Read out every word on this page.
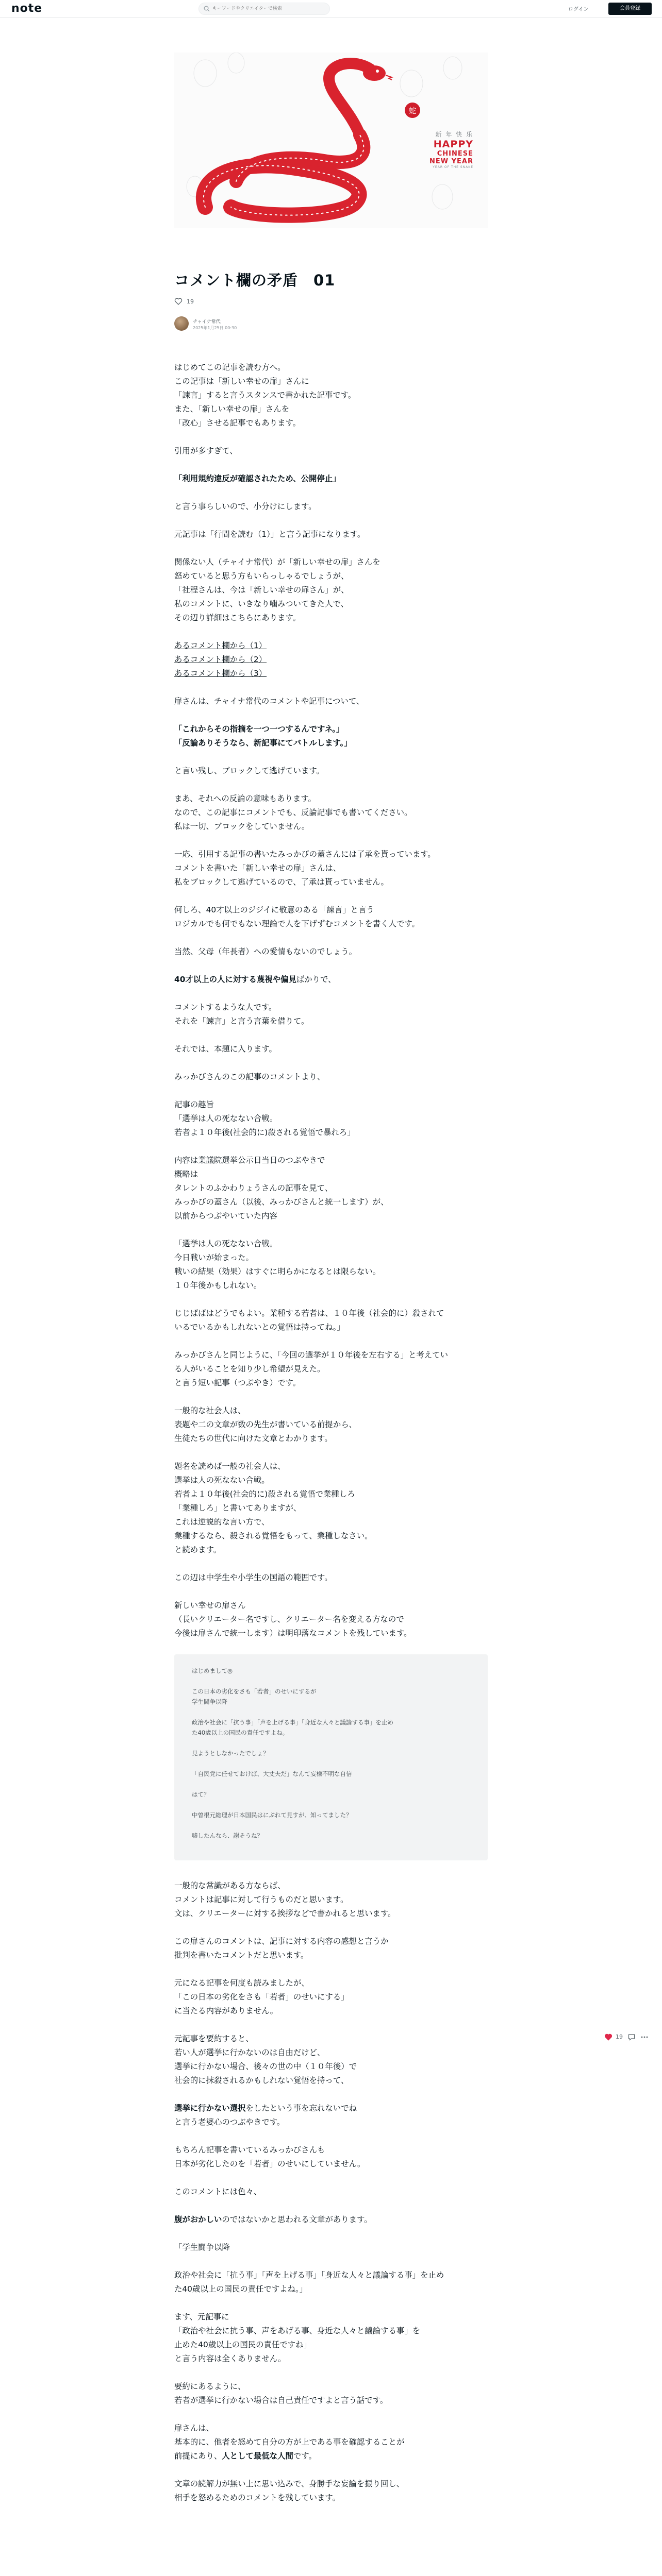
note
キーワードやクリエイターで検索	ログイン	会員登録
蛇
新 年 快 乐
HAPPY
CHINESE
NEW YEAR
YEAR OF THE SNAKE
コメント欄の矛盾　01
19
チャイナ常代
2025年1月25日 00:30
はじめてこの記事を読む方へ。
この記事は「新しい幸せの扉」さんに
「諫言」すると言うスタンスで書かれた記事です。
また、「新しい幸せの扉」さんを
「改心」させる記事でもあります。
引用が多すぎて、
「利用規約違反が確認されたため、公開停止」
と言う事らしいので、小分けにします。
元記事は「行間を読む（1）」と言う記事になります。
関係ない人（チャイナ常代）が「新しい幸せの扉」さんを
怒めていると思う方もいらっしゃるでしょうが、
「社程さんは、今は「新しい幸せの扉さん」が、
私のコメントに、いきなり噛みついてきた人で、
その辺り詳細はこちらにあります。
あるコメント欄から（1）
あるコメント欄から（2）
あるコメント欄から（3）
扉さんは、チャイナ常代のコメントや記事について、
「これからその指摘を一つ一つするんですネ。」
「反論ありそうなら、新記事にてバトルします。」
と言い残し、ブロックして逃げています。
まあ、それへの反論の意味もあります。
なので、この記事にコメントでも、反論記事でも書いてください。
私は一切、ブロックをしていません。
一応、引用する記事の書いたみっかびの蓋さんには了承を貰っています。
コメントを書いた「新しい幸せの扉」さんは、
私をブロックして逃げているので、了承は貰っていません。
何しろ、40才以上のジジイに敬意のある「諫言」と言う
ロジカルでも何でもない理論で人を下げずむコメントを書く人です。
当然、父母（年長者）への愛情もないのでしょう。
40才以上の人に対する蔑視や偏見ばかりで、
コメントするような人です。
それを「諫言」と言う言葉を借りて。
それでは、本題に入ります。
みっかびさんのこの記事のコメントより、
記事の趣旨
「選挙は人の死なない合戦。
若者よ１０年後(社会的に)殺される覚悟で暴れろ」
内容は業議院選挙公示日当日のつぶやきで
概略は
タレントのふかわりょうさんの記事を見て、
みっかびの蓋さん（以後、みっかびさんと統一します）が、
以前からつぶやいていた内容
「選挙は人の死なない合戦。
今日戦いが始まった。
戦いの結果（効果）はすぐに明らかになるとは限らない。
１０年後かもしれない。
じじばばはどうでもよい。業種する若者は、１０年後（社会的に）殺されて
いるでいるかもしれないとの覚悟は持ってね。」
みっかびさんと同じように、「今回の選挙が１０年後を左右する」と考えてい
る人がいることを知り少し希望が見えた。
と言う短い記事（つぶやき）です。
一般的な社会人は、
表題や二の文章が数の先生が書いている前提から、
生徒たちの世代に向けた文章とわかります。
題名を読めば一般の社会人は、
選挙は人の死なない合戦。
若者よ１０年後(社会的に)殺される覚悟で業種しろ
「業種しろ」と書いてありますが、
これは逆説的な言い方で、
業種するなら、殺される覚悟をもって、業種しなさい。
と読めます。
この辺は中学生や小学生の国語の範囲です。
新しい幸せの扉さん
（長いクリエーター名ですし、クリエーター名を変える方なので
今後は扉さんで統一します）は明印落なコメントを残しています。
はじめまして◎
この日本の劣化をさも「若者」のせいにするが
学生闘争以降
政治や社会に「抗う事」「声を上げる事」「身近な人々と議論する事」を止め
た40歳以上の国民の責任ですよね。
見ようとしなかったでしょ？
「自民党に任せておけば、大丈夫だ」なんて妄様不明な自信
はて？
中曽根元総理が日本国民はにぶれて見すが、知ってました？
嘘したんなら、謝そうね？
一般的な常識がある方ならば、
コメントは記事に対して行うものだと思います。
文は、クリエーターに対する挨拶などで書かれると思います。
この扉さんのコメントは、記事に対する内容の感想と言うか
批判を書いたコメントだと思います。
元になる記事を何度も読みましたが、
「この日本の劣化をさも「若者」のせいにする」
に当たる内容がありません。
元記事を要約すると、
若い人が選挙に行かないのは自由だけど、
選挙に行かない場合、後々の世の中（１０年後）で
社会的に抹殺されるかもしれない覚悟を持って、
選挙に行かない選択をしたという事を忘れないでね
と言う老婆心のつぶやきです。
もちろん記事を書いているみっかびさんも
日本が劣化したのを「若者」のせいにしていません。
このコメントには色々、
腹がおかしいのではないかと思われる文章があります。
「学生闘争以降
政治や社会に「抗う事」「声を上げる事」「身近な人々と議論する事」を止め
た40歳以上の国民の責任ですよね。」
ます、元記事に
「政治や社会に抗う事、声をあげる事、身近な人々と議論する事」を
止めた40歳以上の国民の責任ですね」
と言う内容は全くありません。
要約にあるように、
若者が選挙に行かない場合は自己責任ですよと言う話です。
扉さんは、
基本的に、他者を怒めて自分の方が上である事を確認することが
前提にあり、人として最低な人間です。
文章の読解力が無い上に思い込みで、身勝手な妄論を振り回し、
相手を怒めるためのコメントを残しています。
19
